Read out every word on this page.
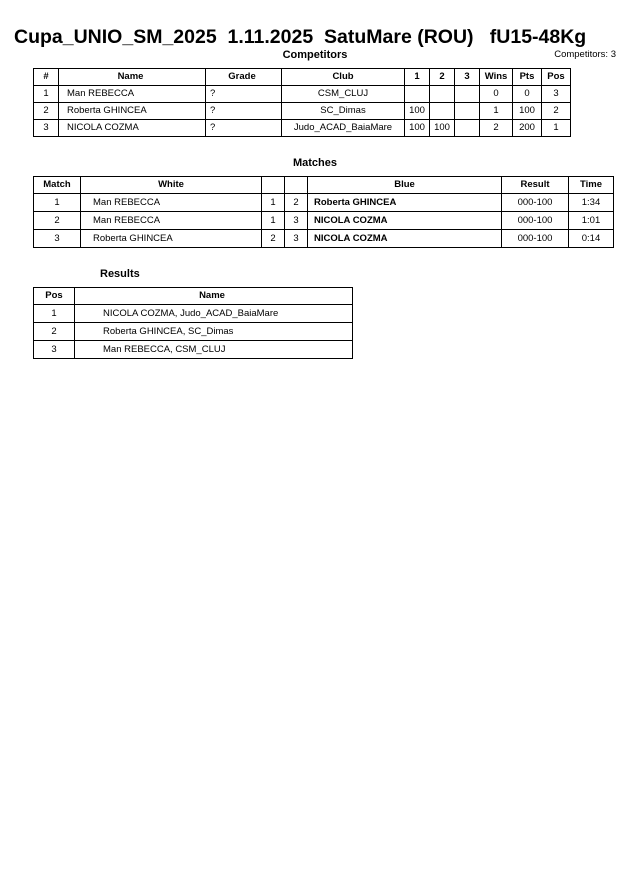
Cupa_UNIO_SM_2025  1.11.2025  SatuMare (ROU)   fU15-48Kg
Competitors	Competitors: 3
#	Name	Grade	Club	1	2	3	Wins	Pts	Pos
1	Man REBECCA	?	CSM_CLUJ				0	0	3
2	Roberta GHINCEA	?	SC_Dimas	100			1	100	2
3	NICOLA COZMA	?	Judo_ACAD_BaiaMare	100	100		2	200	1
Matches
Match	White			Blue	Result	Time
1	Man REBECCA	1	2	Roberta GHINCEA	000-100	1:34
2	Man REBECCA	1	3	NICOLA COZMA	000-100	1:01
3	Roberta GHINCEA	2	3	NICOLA COZMA	000-100	0:14
Results
Pos	Name
1	NICOLA COZMA, Judo_ACAD_BaiaMare
2	Roberta GHINCEA, SC_Dimas
3	Man REBECCA, CSM_CLUJ
